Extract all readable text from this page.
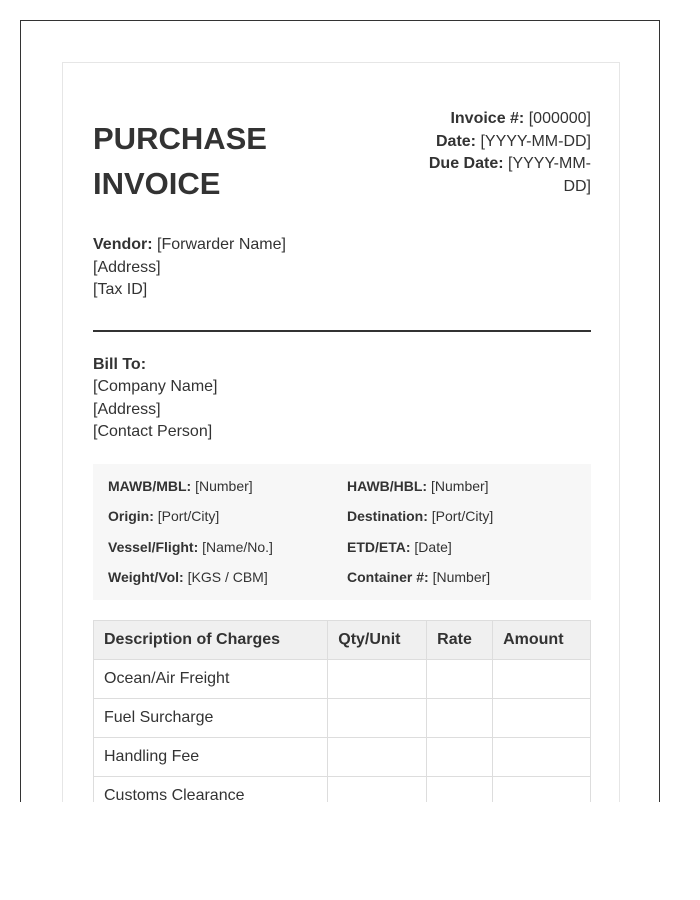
PURCHASE INVOICE
Invoice #: [000000]
Date: [YYYY-MM-DD]
Due Date: [YYYY-MM-DD]
Vendor: [Forwarder Name]
[Address]
[Tax ID]
Bill To:
[Company Name]
[Address]
[Contact Person]
MAWB/MBL: [Number]	HAWB/HBL: [Number]
Origin: [Port/City]	Destination: [Port/City]
Vessel/Flight: [Name/No.]	ETD/ETA: [Date]
Weight/Vol: [KGS / CBM]	Container #: [Number]
Description of Charges	Qty/Unit	Rate	Amount
Ocean/Air Freight			
Fuel Surcharge			
Handling Fee			
Customs Clearance			
